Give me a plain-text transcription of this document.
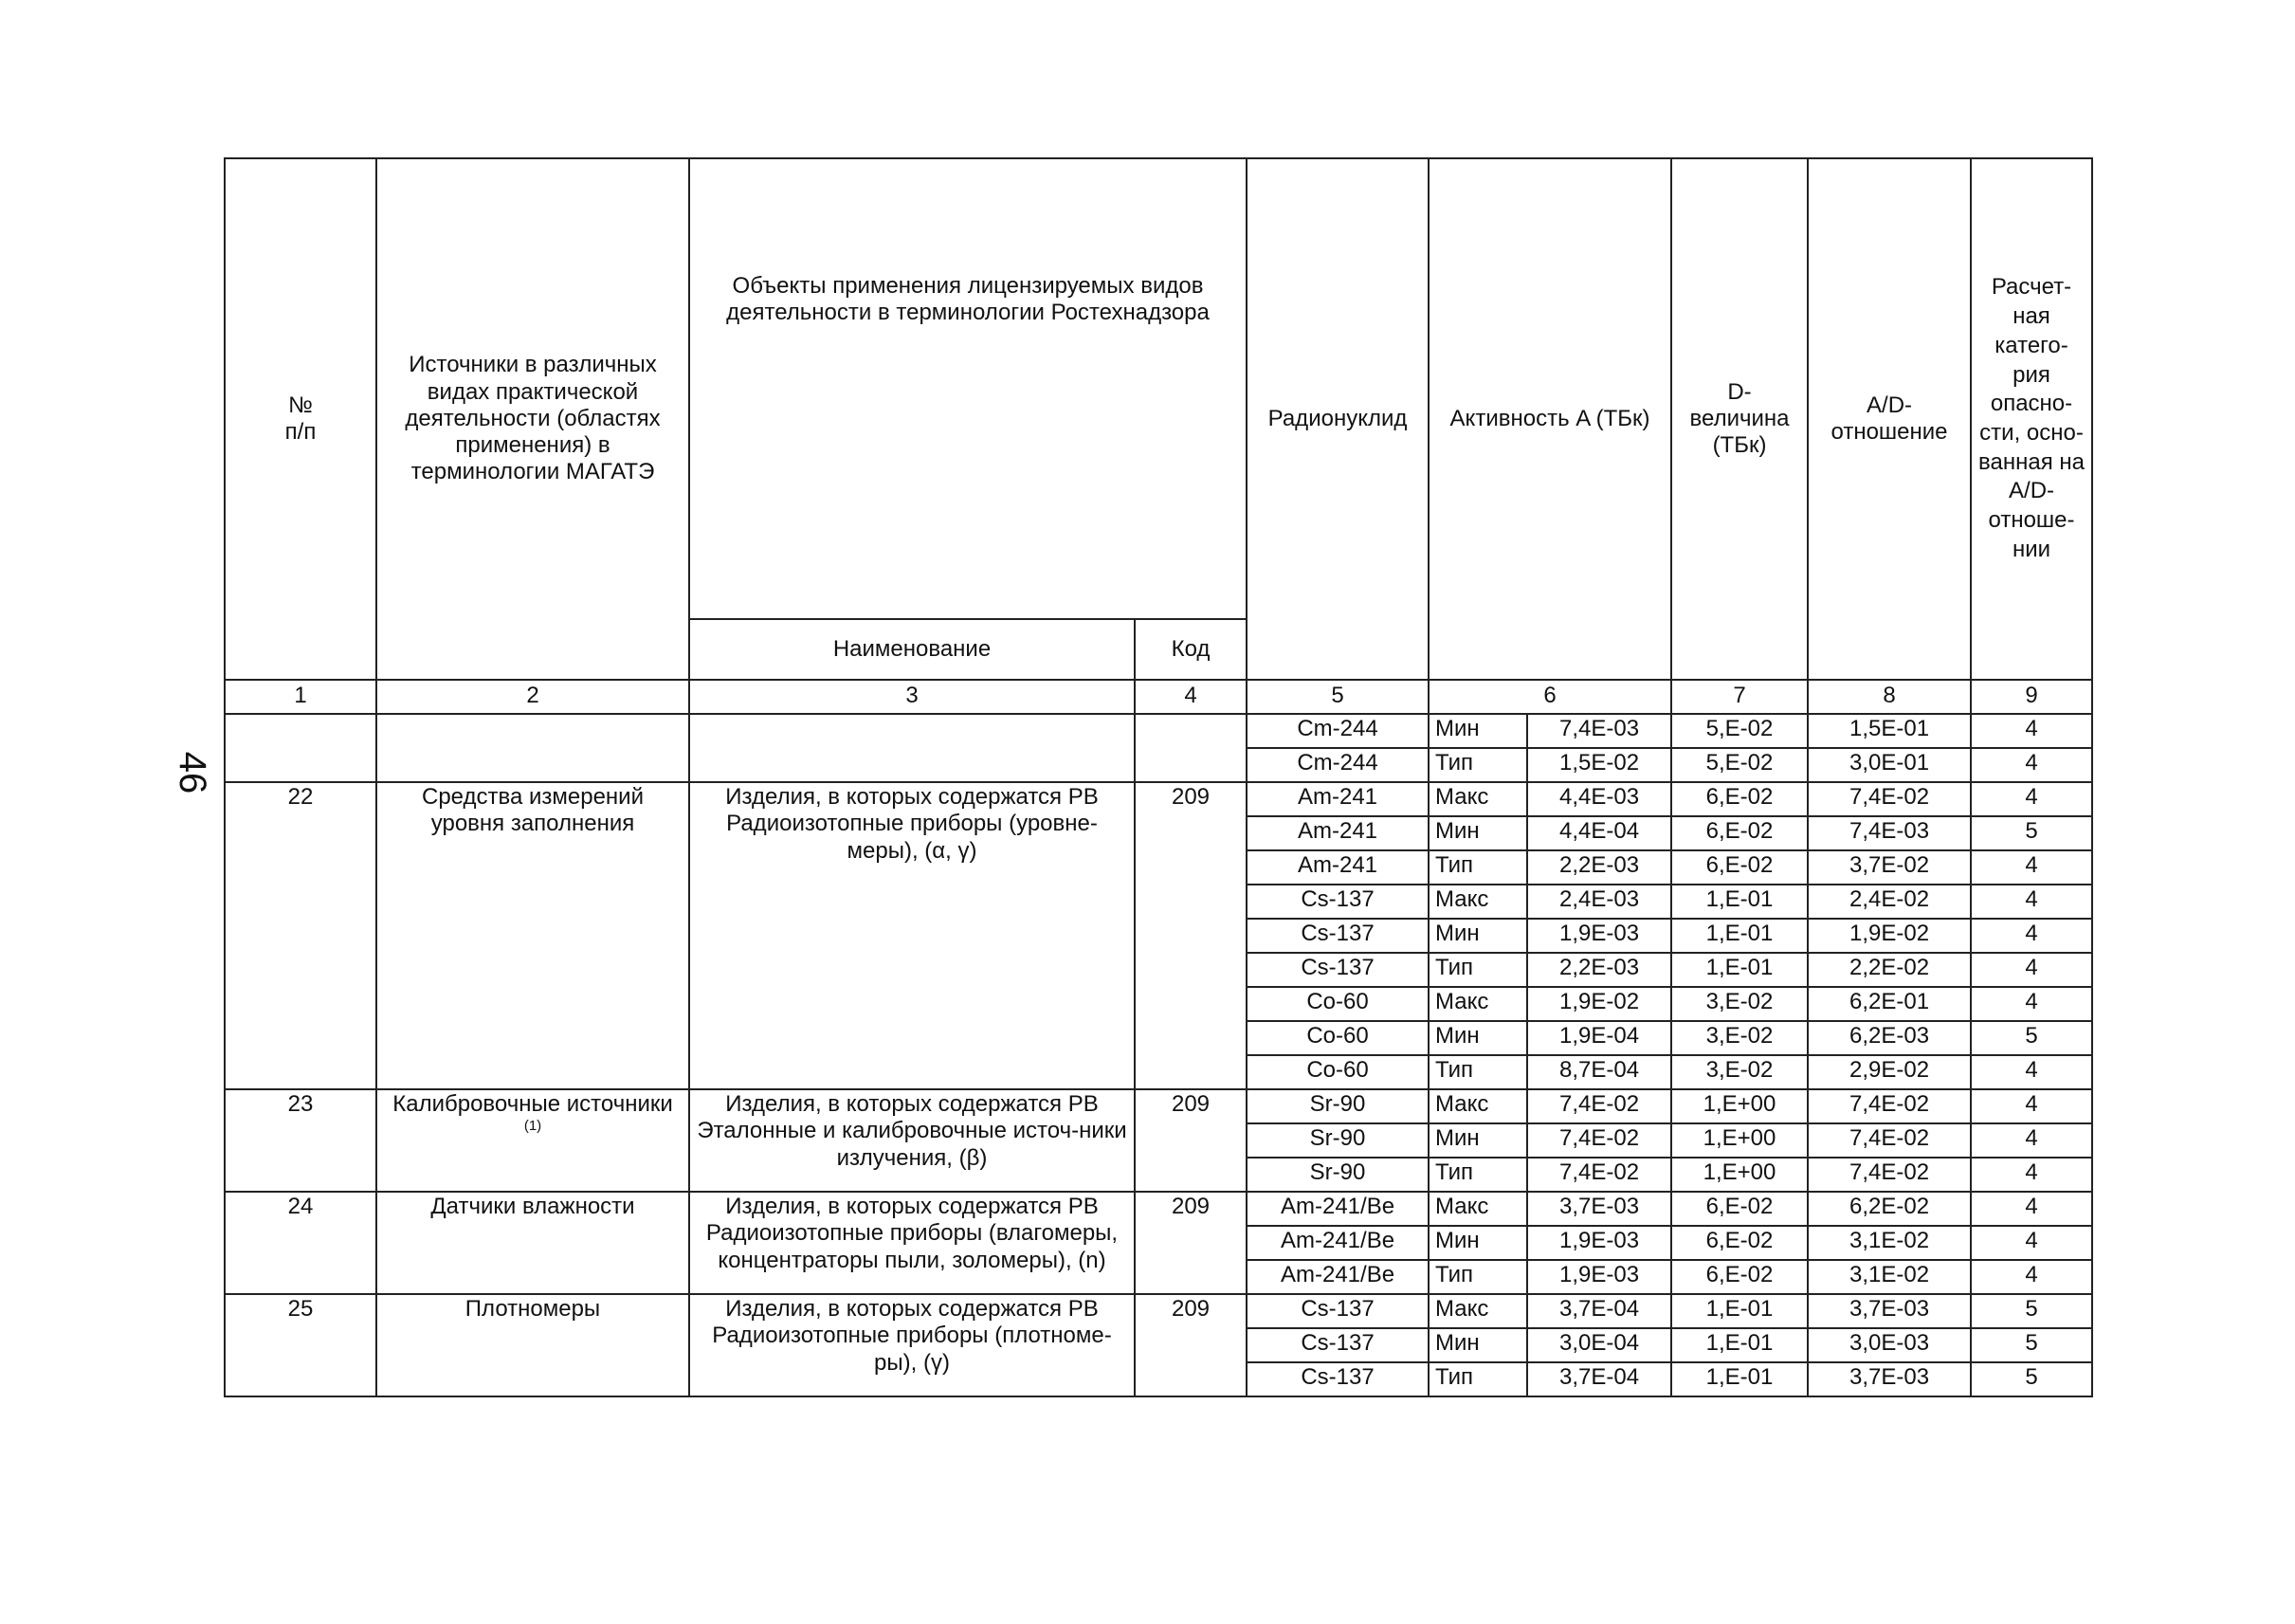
46
№
п/п	Источники в различных видах практической деятельности (областях применения) в терминологии МАГАТЭ	Объекты применения лицензируемых видов деятельности в терминологии Ростехнадзора		Радионуклид	Активность A (ТБк)		D-величина (ТБк)	A/D-отношение	Расчет-ная катего-рия опасно-сти, осно-ванная на A/D-отноше-нии
		Наименование	Код						
1	2	3	4	5	6		7	8	9
				Cm-244	Мин	7,4E-03	5,E-02	1,5E-01	4
				Cm-244	Тип	1,5E-02	5,E-02	3,0E-01	4
22	Средства измерений уровня заполнения	Изделия, в которых содержатся РВ Радиоизотопные приборы (уровне-меры), (α, γ)	209	Am-241	Макс	4,4E-03	6,E-02	7,4E-02	4
				Am-241	Мин	4,4E-04	6,E-02	7,4E-03	5
				Am-241	Тип	2,2E-03	6,E-02	3,7E-02	4
				Cs-137	Макс	2,4E-03	1,E-01	2,4E-02	4
				Cs-137	Мин	1,9E-03	1,E-01	1,9E-02	4
				Cs-137	Тип	2,2E-03	1,E-01	2,2E-02	4
				Co-60	Макс	1,9E-02	3,E-02	6,2E-01	4
				Co-60	Мин	1,9E-04	3,E-02	6,2E-03	5
				Co-60	Тип	8,7E-04	3,E-02	2,9E-02	4
23	Калибровочные источники $^{(1)}$	Изделия, в которых содержатся РВ Эталонные и калибровочные источ-ники излучения, (β)	209	Sr-90	Макс	7,4E-02	1,E+00	7,4E-02	4
				Sr-90	Мин	7,4E-02	1,E+00	7,4E-02	4
				Sr-90	Тип	7,4E-02	1,E+00	7,4E-02	4
24	Датчики влажности	Изделия, в которых содержатся РВ Радиоизотопные приборы (влагомеры, концентраторы пыли, золомеры), (n)	209	Am-241/Be	Макс	3,7E-03	6,E-02	6,2E-02	4
				Am-241/Be	Мин	1,9E-03	6,E-02	3,1E-02	4
				Am-241/Be	Тип	1,9E-03	6,E-02	3,1E-02	4
25	Плотномеры	Изделия, в которых содержатся РВ Радиоизотопные приборы (плотноме-ры), (γ)	209	Cs-137	Макс	3,7E-04	1,E-01	3,7E-03	5
				Cs-137	Мин	3,0E-04	1,E-01	3,0E-03	5
				Cs-137	Тип	3,7E-04	1,E-01	3,7E-03	5
